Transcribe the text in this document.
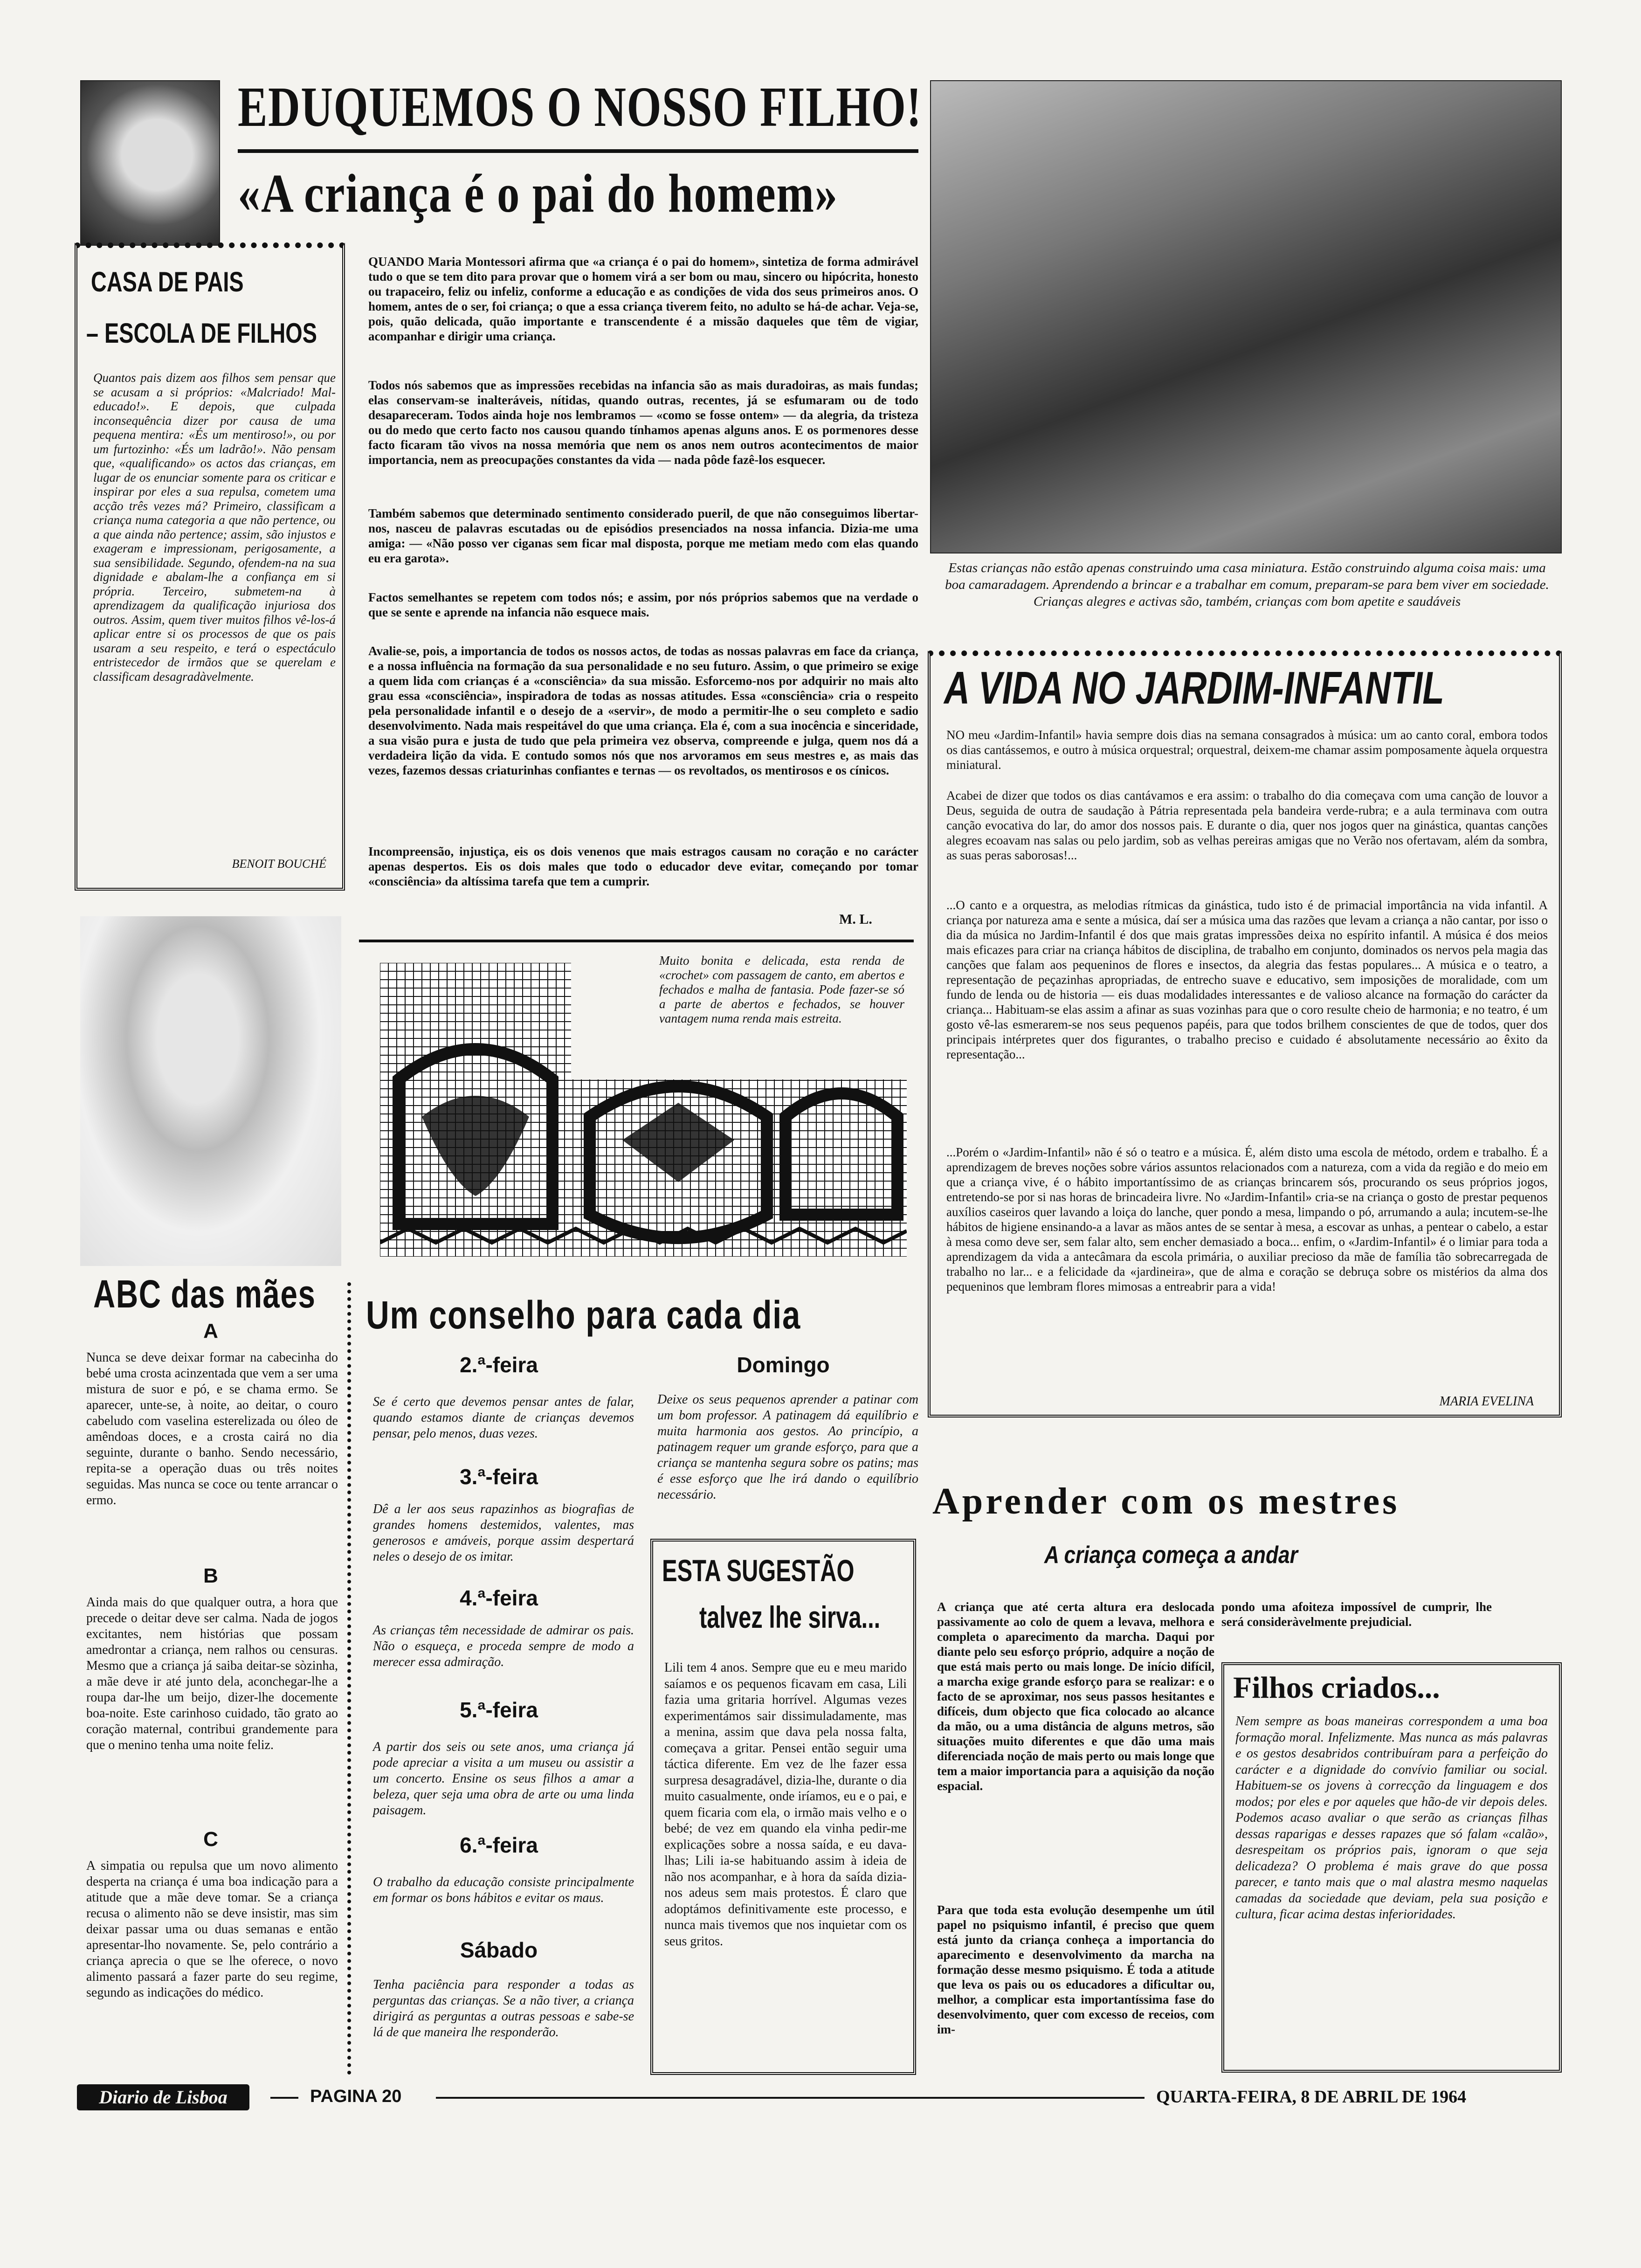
EDUQUEMOS O NOSSO FILHO!
«A criança é o pai do homem»
Estas crianças não estão apenas construindo uma casa miniatura. Estão construindo alguma coisa mais: uma boa camaradagem. Aprendendo a brincar e a trabalhar em comum, preparam-se para bem viver em sociedade. Crianças alegres e activas são, também, crianças com bom apetite e saudáveis
CASA DE PAIS
– ESCOLA DE FILHOS
Quantos pais dizem aos filhos sem pensar que se acusam a si próprios: «Malcriado! Mal-educado!». E depois, que culpada inconsequência dizer por causa de uma pequena mentira: «És um mentiroso!», ou por um furtozinho: «És um ladrão!». Não pensam que, «qualificando» os actos das crianças, em lugar de os enunciar somente para os criticar e inspirar por eles a sua repulsa, cometem uma acção três vezes má? Primeiro, classificam a criança numa categoria a que não pertence, ou a que ainda não pertence; assim, são injustos e exageram e impressionam, perigosamente, a sua sensibilidade. Segundo, ofendem-na na sua dignidade e abalam-lhe a confiança em si própria. Terceiro, submetem-na à aprendizagem da qualificação injuriosa dos outros. Assim, quem tiver muitos filhos vê-los-á aplicar entre si os processos de que os pais usaram a seu respeito, e terá o espectáculo entristecedor de irmãos que se querelam e classificam desagradàvelmente.
BENOIT BOUCHÉ
QUANDO Maria Montessori afirma que «a criança é o pai do homem», sintetiza de forma admirável tudo o que se tem dito para provar que o homem virá a ser bom ou mau, sincero ou hipócrita, honesto ou trapaceiro, feliz ou infeliz, conforme a educação e as condições de vida dos seus primeiros anos. O homem, antes de o ser, foi criança; o que a essa criança tiverem feito, no adulto se há-de achar. Veja-se, pois, quão delicada, quão importante e transcendente é a missão daqueles que têm de vigiar, acompanhar e dirigir uma criança.
Todos nós sabemos que as impressões recebidas na infancia são as mais duradoiras, as mais fundas; elas conservam-se inalteráveis, nítidas, quando outras, recentes, já se esfumaram ou de todo desapareceram. Todos ainda hoje nos lembramos — «como se fosse ontem» — da alegria, da tristeza ou do medo que certo facto nos causou quando tínhamos apenas alguns anos. E os pormenores desse facto ficaram tão vivos na nossa memória que nem os anos nem outros acontecimentos de maior importancia, nem as preocupações constantes da vida — nada pôde fazê-los esquecer.
Também sabemos que determinado sentimento considerado pueril, de que não conseguimos libertar-nos, nasceu de palavras escutadas ou de episódios presenciados na nossa infancia. Dizia-me uma amiga: — «Não posso ver ciganas sem ficar mal disposta, porque me metiam medo com elas quando eu era garota».
Factos semelhantes se repetem com todos nós; e assim, por nós próprios sabemos que na verdade o que se sente e aprende na infancia não esquece mais.
Avalie-se, pois, a importancia de todos os nossos actos, de todas as nossas palavras em face da criança, e a nossa influência na formação da sua personalidade e no seu futuro. Assim, o que primeiro se exige a quem lida com crianças é a «consciência» da sua missão. Esforcemo-nos por adquirir no mais alto grau essa «consciência», inspiradora de todas as nossas atitudes. Essa «consciência» cria o respeito pela personalidade infantil e o desejo de a «servir», de modo a permitir-lhe o seu completo e sadio desenvolvimento. Nada mais respeitável do que uma criança. Ela é, com a sua inocência e sinceridade, a sua visão pura e justa de tudo que pela primeira vez observa, compreende e julga, quem nos dá a verdadeira lição da vida. E contudo somos nós que nos arvoramos em seus mestres e, as mais das vezes, fazemos dessas criaturinhas confiantes e ternas — os revoltados, os mentirosos e os cínicos.
Incompreensão, injustiça, eis os dois venenos que mais estragos causam no coração e no carácter apenas despertos. Eis os dois males que todo o educador deve evitar, começando por tomar «consciência» da altíssima tarefa que tem a cumprir.
M. L.
Muito bonita e delicada, esta renda de «crochet» com passagem de canto, em abertos e fechados e malha de fantasia. Pode fazer-se só a parte de abertos e fechados, se houver vantagem numa renda mais estreita.
ABC das mães
A
Nunca se deve deixar formar na cabecinha do bebé uma crosta acinzentada que vem a ser uma mistura de suor e pó, e se chama ermo. Se aparecer, unte-se, à noite, ao deitar, o couro cabeludo com vaselina esterelizada ou óleo de amêndoas doces, e a crosta cairá no dia seguinte, durante o banho. Sendo necessário, repita-se a operação duas ou três noites seguidas. Mas nunca se coce ou tente arrancar o ermo.
B
Ainda mais do que qualquer outra, a hora que precede o deitar deve ser calma. Nada de jogos excitantes, nem histórias que possam amedrontar a criança, nem ralhos ou censuras. Mesmo que a criança já saiba deitar-se sòzinha, a mãe deve ir até junto dela, aconchegar-lhe a roupa dar-lhe um beijo, dizer-lhe docemente boa-noite. Este carinhoso cuidado, tão grato ao coração maternal, contribui grandemente para que o menino tenha uma noite feliz.
C
A simpatia ou repulsa que um novo alimento desperta na criança é uma boa indicação para a atitude que a mãe deve tomar. Se a criança recusa o alimento não se deve insistir, mas sim deixar passar uma ou duas semanas e então apresentar-lho novamente. Se, pelo contrário a criança aprecia o que se lhe oferece, o novo alimento passará a fazer parte do seu regime, segundo as indicações do médico.
Um conselho para cada dia
2.ª-feira
Se é certo que devemos pensar antes de falar, quando estamos diante de crianças devemos pensar, pelo menos, duas vezes.
3.ª-feira
Dê a ler aos seus rapazinhos as biografias de grandes homens destemidos, valentes, mas generosos e amáveis, porque assim despertará neles o desejo de os imitar.
4.ª-feira
As crianças têm necessidade de admirar os pais. Não o esqueça, e proceda sempre de modo a merecer essa admiração.
5.ª-feira
A partir dos seis ou sete anos, uma criança já pode apreciar a visita a um museu ou assistir a um concerto. Ensine os seus filhos a amar a beleza, quer seja uma obra de arte ou uma linda paisagem.
6.ª-feira
O trabalho da educação consiste principalmente em formar os bons hábitos e evitar os maus.
Sábado
Tenha paciência para responder a todas as perguntas das crianças. Se a não tiver, a criança dirigirá as perguntas a outras pessoas e sabe-se lá de que maneira lhe responderão.
Domingo
Deixe os seus pequenos aprender a patinar com um bom professor. A patinagem dá equilíbrio e muita harmonia aos gestos. Ao princípio, a patinagem requer um grande esforço, para que a criança se mantenha segura sobre os patins; mas é esse esforço que lhe irá dando o equilíbrio necessário.
ESTA SUGESTÃO
talvez lhe sirva...
Lili tem 4 anos. Sempre que eu e meu marido saíamos e os pequenos ficavam em casa, Lili fazia uma gritaria horrível. Algumas vezes experimentámos sair dissimuladamente, mas a menina, assim que dava pela nossa falta, começava a gritar. Pensei então seguir uma táctica diferente. Em vez de lhe fazer essa surpresa desagradável, dizia-lhe, durante o dia muito casualmente, onde iríamos, eu e o pai, e quem ficaria com ela, o irmão mais velho e o bebé; de vez em quando ela vinha pedir-me explicações sobre a nossa saída, e eu dava-lhas; Lili ia-se habituando assim à ideia de não nos acompanhar, e à hora da saída dizia-nos adeus sem mais protestos. É claro que adoptámos definitivamente este processo, e nunca mais tivemos que nos inquietar com os seus gritos.
A VIDA NO JARDIM-INFANTIL
NO meu «Jardim-Infantil» havia sempre dois dias na semana consagrados à música: um ao canto coral, embora todos os dias cantássemos, e outro à música orquestral; orquestral, deixem-me chamar assim pomposamente àquela orquestra miniatural.
Acabei de dizer que todos os dias cantávamos e era assim: o trabalho do dia começava com uma canção de louvor a Deus, seguida de outra de saudação à Pátria representada pela bandeira verde-rubra; e a aula terminava com outra canção evocativa do lar, do amor dos nossos pais. E durante o dia, quer nos jogos quer na ginástica, quantas canções alegres ecoavam nas salas ou pelo jardim, sob as velhas pereiras amigas que no Verão nos ofertavam, além da sombra, as suas peras saborosas!...
...O canto e a orquestra, as melodias rítmicas da ginástica, tudo isto é de primacial importância na vida infantil. A criança por natureza ama e sente a música, daí ser a música uma das razões que levam a criança a não cantar, por isso o dia da música no Jardim-Infantil é dos que mais gratas impressões deixa no espírito infantil. A música é dos meios mais eficazes para criar na criança hábitos de disciplina, de trabalho em conjunto, dominados os nervos pela magia das canções que falam aos pequeninos de flores e insectos, da alegria das festas populares... A música e o teatro, a representação de peçazinhas apropriadas, de entrecho suave e educativo, sem imposições de moralidade, com um fundo de lenda ou de historia — eis duas modalidades interessantes e de valioso alcance na formação do carácter da criança... Habituam-se elas assim a afinar as suas vozinhas para que o coro resulte cheio de harmonia; e no teatro, é um gosto vê-las esmerarem-se nos seus pequenos papéis, para que todos brilhem conscientes de que de todos, quer dos principais intérpretes quer dos figurantes, o trabalho preciso e cuidado é absolutamente necessário ao êxito da representação...
...Porém o «Jardim-Infantil» não é só o teatro e a música. É, além disto uma escola de método, ordem e trabalho. É a aprendizagem de breves noções sobre vários assuntos relacionados com a natureza, com a vida da região e do meio em que a criança vive, é o hábito importantíssimo de as crianças brincarem sós, procurando os seus próprios jogos, entretendo-se por si nas horas de brincadeira livre. No «Jardim-Infantil» cria-se na criança o gosto de prestar pequenos auxílios caseiros quer lavando a loiça do lanche, quer pondo a mesa, limpando o pó, arrumando a aula; incutem-se-lhe hábitos de higiene ensinando-a a lavar as mãos antes de se sentar à mesa, a escovar as unhas, a pentear o cabelo, a estar à mesa como deve ser, sem falar alto, sem encher demasiado a boca... enfim, o «Jardim-Infantil» é o limiar para toda a aprendizagem da vida a antecâmara da escola primária, o auxiliar precioso da mãe de família tão sobrecarregada de trabalho no lar... e a felicidade da «jardineira», que de alma e coração se debruça sobre os mistérios da alma dos pequeninos que lembram flores mimosas a entreabrir para a vida!
MARIA EVELINA
Aprender com os mestres
A criança começa a andar
A criança que até certa altura era deslocada passivamente ao colo de quem a levava, melhora e completa o aparecimento da marcha. Daqui por diante pelo seu esforço próprio, adquire a noção de que está mais perto ou mais longe. De início difícil, a marcha exige grande esforço para se realizar: e o facto de se aproximar, nos seus passos hesitantes e difíceis, dum objecto que fica colocado ao alcance da mão, ou a uma distância de alguns metros, são situações muito diferentes e que dão uma mais diferenciada noção de mais perto ou mais longe que tem a maior importancia para a aquisição da noção espacial.
Para que toda esta evolução desempenhe um útil papel no psiquismo infantil, é preciso que quem está junto da criança conheça a importancia do aparecimento e desenvolvimento da marcha na formação desse mesmo psiquismo. É toda a atitude que leva os pais ou os educadores a dificultar ou, melhor, a complicar esta importantíssima fase do desenvolvimento, quer com excesso de receios, com im-
pondo uma afoiteza impossível de cumprir, lhe será consideràvelmente prejudicial.
Filhos criados...
Nem sempre as boas maneiras correspondem a uma boa formação moral. Infelizmente. Mas nunca as más palavras e os gestos desabridos contribuíram para a perfeição do carácter e a dignidade do convívio familiar ou social. Habituem-se os jovens à correcção da linguagem e dos modos; por eles e por aqueles que hão-de vir depois deles. Podemos acaso avaliar o que serão as crianças filhas dessas raparigas e desses rapazes que só falam «calão», desrespeitam os próprios pais, ignoram o que seja delicadeza? O problema é mais grave do que possa parecer, e tanto mais que o mal alastra mesmo naquelas camadas da sociedade que deviam, pela sua posição e cultura, ficar acima destas inferioridades.
Diario de Lisboa	PAGINA 20	QUARTA-FEIRA, 8 DE ABRIL DE 1964
